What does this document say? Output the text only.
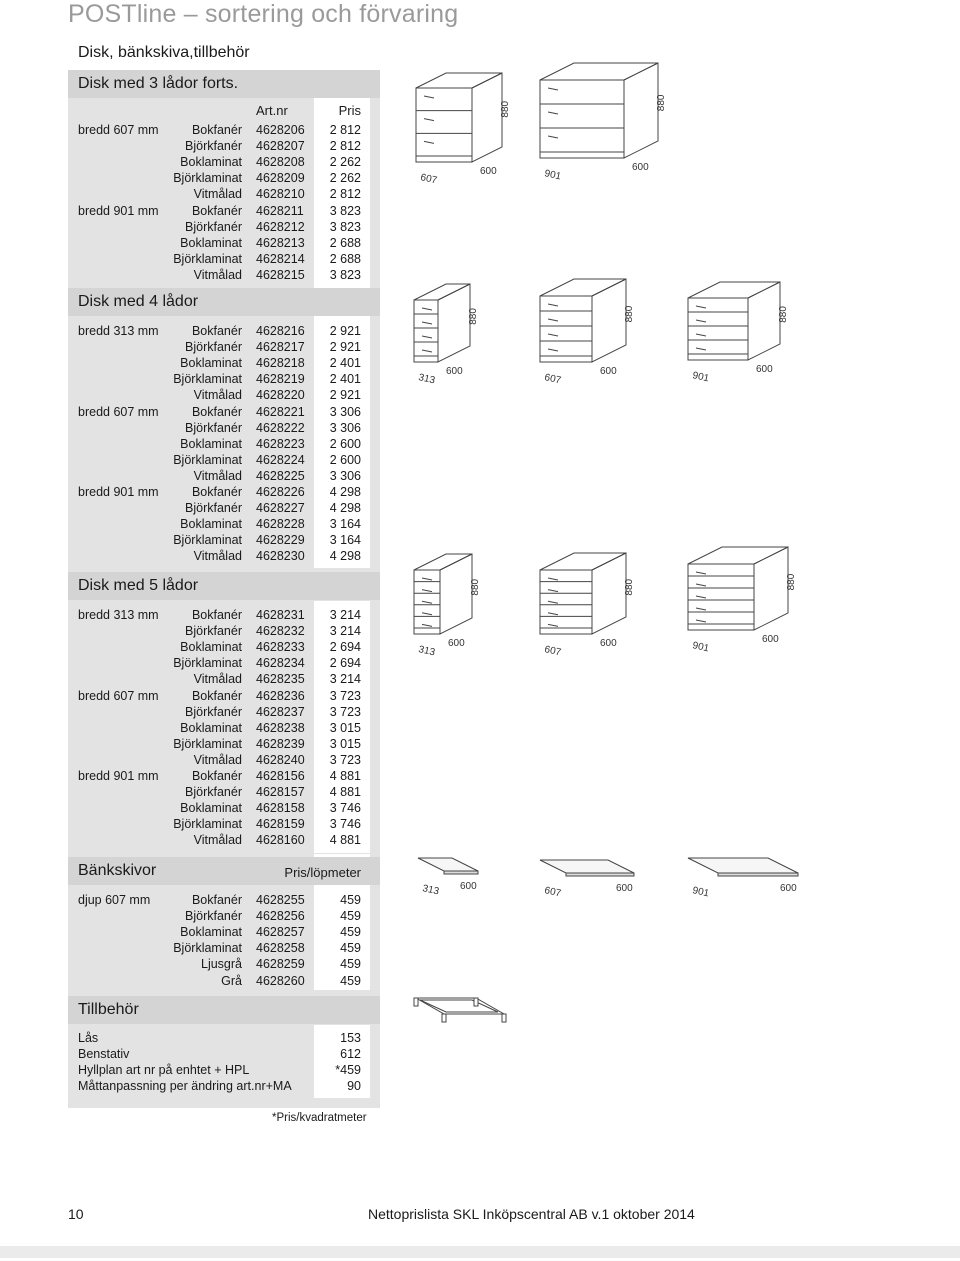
POSTline – sortering och förvaring
Disk, bänkskiva,tillbehör
Disk med 3 lådor forts.
Art.nr	Pris
bredd 607 mm	Bokfanér 4628206 2 812
Björkfanér 4628207 2 812
Boklaminat 4628208 2 262
Björklaminat 4628209 2 262
Vitmålad 4628210 2 812
bredd 901 mm	Bokfanér 4628211 3 823
Björkfanér 4628212 3 823
Boklaminat 4628213 2 688
Björklaminat 4628214 2 688
Vitmålad 4628215 3 823
Disk med 4 lådor
bredd 313 mm	Bokfanér 4628216 2 921
Björkfanér 4628217 2 921
Boklaminat 4628218 2 401
Björklaminat 4628219 2 401
Vitmålad 4628220 2 921
bredd 607 mm	Bokfanér 4628221 3 306
Björkfanér 4628222 3 306
Boklaminat 4628223 2 600
Björklaminat 4628224 2 600
Vitmålad 4628225 3 306
bredd 901 mm	Bokfanér 4628226 4 298
Björkfanér 4628227 4 298
Boklaminat 4628228 3 164
Björklaminat 4628229 3 164
Vitmålad 4628230 4 298
Disk med 5 lådor
bredd 313 mm	Bokfanér 4628231 3 214
Björkfanér 4628232 3 214
Boklaminat 4628233 2 694
Björklaminat 4628234 2 694
Vitmålad 4628235 3 214
bredd 607 mm	Bokfanér 4628236 3 723
Björkfanér 4628237 3 723
Boklaminat 4628238 3 015
Björklaminat 4628239 3 015
Vitmålad 4628240 3 723
bredd 901 mm	Bokfanér 4628156 4 881
Björkfanér 4628157 4 881
Boklaminat 4628158 3 746
Björklaminat 4628159 3 746
Vitmålad 4628160 4 881
Bänkskivor	Pris/löpmeter
djup 607 mm	Bokfanér 4628255	459
Björkfanér 4628256	459
Boklaminat 4628257	459
Björklaminat 4628258	459
Ljusgrå 4628259	459
Grå 4628260	459
Tillbehör
Lås	153
Benstativ	612
Hyllplan art nr på enhtet + HPL	*459
Måttanpassning per ändring art.nr+MA	90
*Pris/kvadratmeter
607
600
880
901
600
880
313
600
880
607
600
880
901
600
880
313
600
880
607
600
880
901
600
880
313 600	607	600	901	600
10	Nettoprislista SKL Inköpscentral AB v.1 oktober 2014
